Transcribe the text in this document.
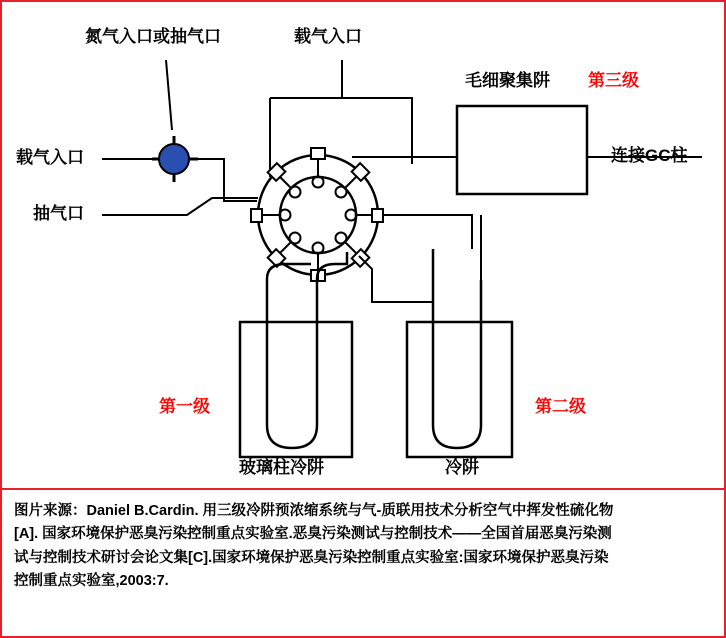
氮气入口或抽气口	载气入口
毛细聚集阱 第三级
载气入口	连接GC柱
抽气口
第一级	第二级
玻璃柱冷阱	冷阱
图片来源：Daniel B.Cardin. 用三级冷阱预浓缩系统与气-质联用技术分析空气中挥发性硫化物
[A]. 国家环境保护恶臭污染控制重点实验室.恶臭污染测试与控制技术——全国首届恶臭污染测
试与控制技术研讨会论文集[C].国家环境保护恶臭污染控制重点实验室:国家环境保护恶臭污染
控制重点实验室,2003:7.
